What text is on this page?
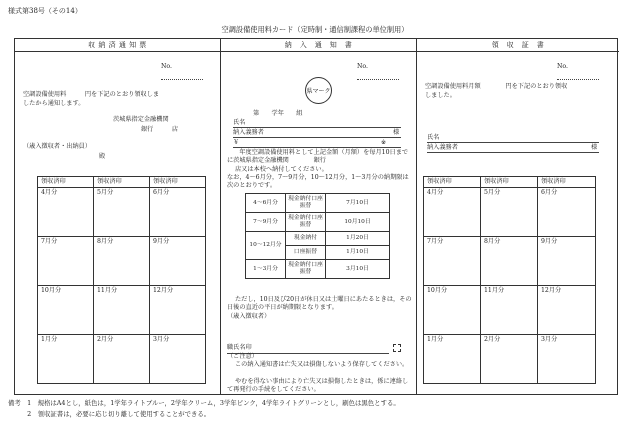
様式第38号（その14）
空調設備使用料カード（定時制・通信制課程の単位制用）
収 納 済 通 知 票
No.
空調設備使用料　　　円を下記のとおり領収しま
したから通知します。
茨城県指定金融機関
銀行　　　店
（歳入徴収者・出納員）
殿
領収済印	領収済印	領収済印
4月分	5月分	6月分
7月分	8月分	9月分
10月分	11月分	12月分
1月分	2月分	3月分
納　入　通　知　書
No.
県マーク
第　　学年　　組
氏名
納入義務者	様
￥	※
　　年度空調設備使用料として上記金額（月額）を毎月10日までに茨城県指定金融機関　　　　銀行
店又は本校へ納付してください。
なお，4〜6月分，7〜9月分，10〜12月分，1〜3月分の納期限は次のとおりです。
4〜6月分	現金納付口座振替	7月10日
7〜9月分	現金納付口座振替	10月10日
10〜12月分	現金納付	1月20日
	口座振替	1月10日
1〜3月分	現金納付口座振替	3月10日
ただし，10日及び20日が休日又は土曜日にあたるときは，その日後の直近の平日が納期限となります。
（歳入徴収者）
職氏名印
（ご注意）
この納入通知書は亡失又は損傷しないよう保存してください。
やむを得ない事由により亡失又は損傷したときは，係に連絡して再発行の手続をしてください。
領　収　証　書
No.
空調設備使用料月額　　　　円を下記のとおり領収
しました。
氏名
納入義務者	様
領収済印	領収済印	領収済印
4月分	5月分	6月分
7月分	8月分	9月分
10月分	11月分	12月分
1月分	2月分	3月分
備考　1　規格はA4とし，紙色は，1学年ライトブルー，2学年クリーム，3学年ピンク，4学年ライトグリーンとし，刷色は黒色とする。
　　　2　領収証書は，必要に応じ切り離して使用することができる。
